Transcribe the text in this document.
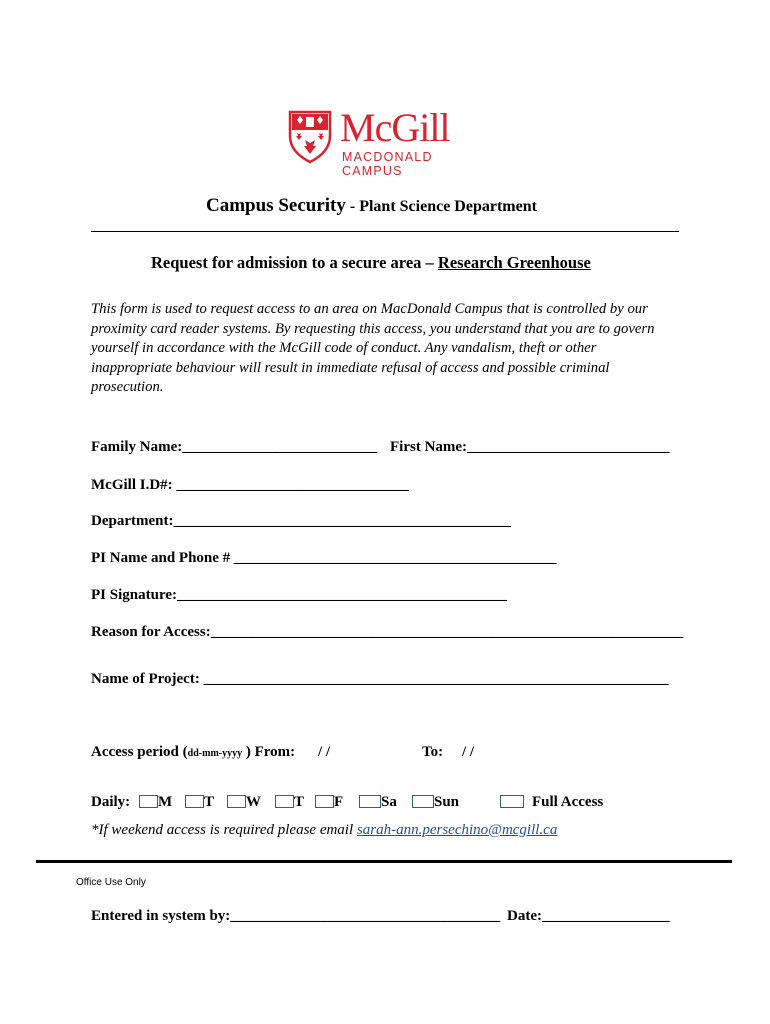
McGill
MACDONALD CAMPUS
Campus Security - Plant Science Department
Request for admission to a secure area – Research Greenhouse
This form is used to request access to an area on MacDonald Campus that is controlled by our
proximity card reader systems. By requesting this access, you understand that you are to govern
yourself in accordance with the McGill code of conduct. Any vandalism, theft or other
inappropriate behaviour will result in immediate refusal of access and possible criminal
prosecution.
Family Name:__________________________ First Name:___________________________
McGill I.D#: _______________________________
Department:_____________________________________________
PI Name and Phone # ___________________________________________
PI Signature:____________________________________________
Reason for Access:_______________________________________________________________
Name of Project: ______________________________________________________________
Access period (dd-mm-yyyy ) From: / /	To: / /
Daily:	M	T	W	T	F	Sa	Sun	Full Access
*If weekend access is required please email sarah-ann.persechino@mcgill.ca
Office Use Only
Entered in system by:____________________________________ Date:_________________
